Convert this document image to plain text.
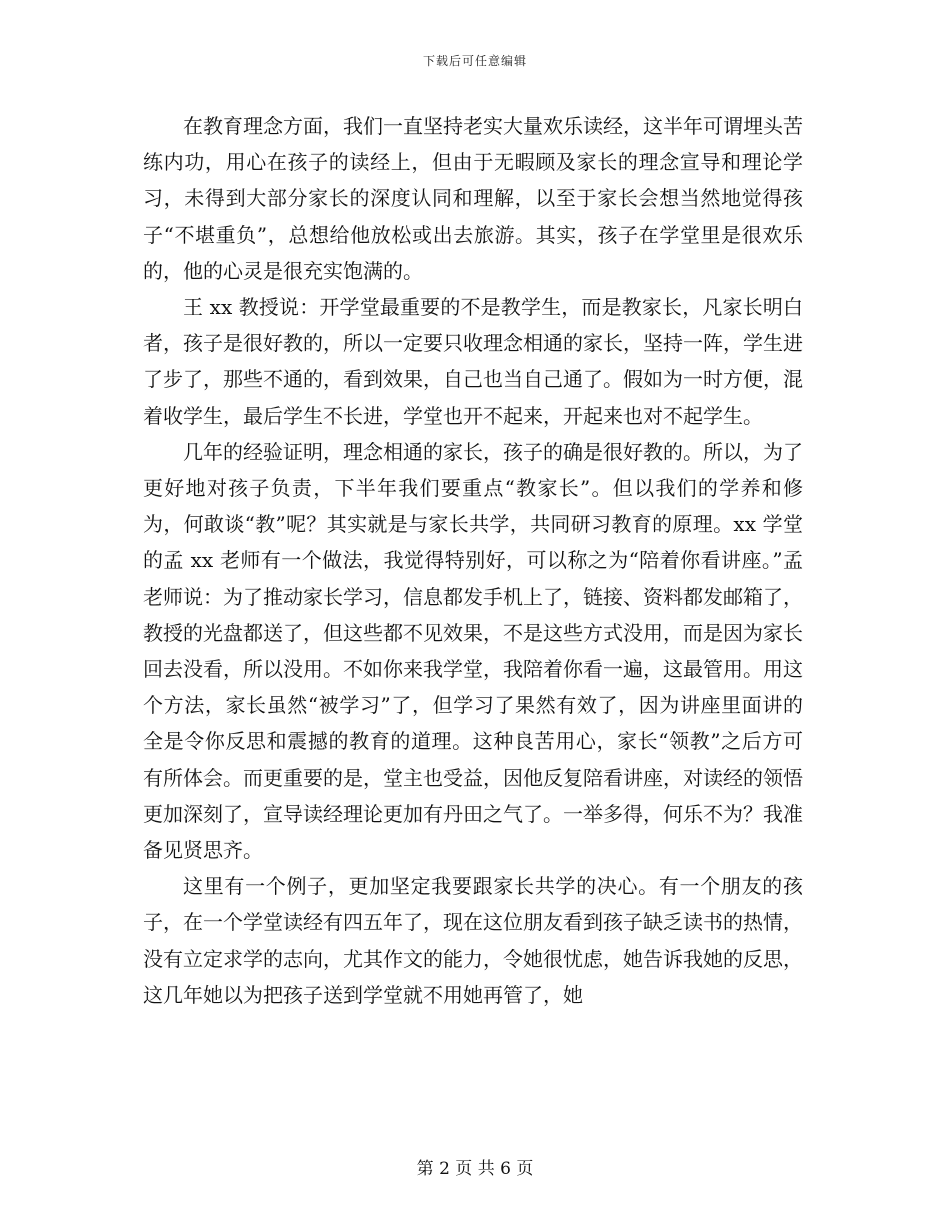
下载后可任意编辑

在教育理念方面，我们一直坚持老实大量欢乐读经，这半年可谓埋头苦练内功，用心在孩子的读经上，但由于无暇顾及家长的理念宣导和理论学习，未得到大部分家长的深度认同和理解，以至于家长会想当然地觉得孩子“不堪重负”，总想给他放松或出去旅游。其实，孩子在学堂里是很欢乐的，他的心灵是很充实饱满的。

王 xx 教授说：开学堂最重要的不是教学生，而是教家长，凡家长明白者，孩子是很好教的，所以一定要只收理念相通的家长，坚持一阵，学生进了步了，那些不通的，看到效果，自己也当自己通了。假如为一时方便，混着收学生，最后学生不长进，学堂也开不起来，开起来也对不起学生。

几年的经验证明，理念相通的家长，孩子的确是很好教的。所以，为了更好地对孩子负责，下半年我们要重点“教家长”。但以我们的学养和修为，何敢谈“教”呢？其实就是与家长共学，共同研习教育的原理。xx 学堂的孟 xx 老师有一个做法，我觉得特别好，可以称之为“陪着你看讲座。”孟老师说：为了推动家长学习，信息都发手机上了，链接、资料都发邮箱了，教授的光盘都送了，但这些都不见效果，不是这些方式没用，而是因为家长回去没看，所以没用。不如你来我学堂，我陪着你看一遍，这最管用。用这个方法，家长虽然“被学习”了，但学习了果然有效了，因为讲座里面讲的全是令你反思和震撼的教育的道理。这种良苦用心，家长“领教”之后方可有所体会。而更重要的是，堂主也受益，因他反复陪看讲座，对读经的领悟更加深刻了，宣导读经理论更加有丹田之气了。一举多得，何乐不为？我准备见贤思齐。

这里有一个例子，更加坚定我要跟家长共学的决心。有一个朋友的孩子，在一个学堂读经有四五年了，现在这位朋友看到孩子缺乏读书的热情，没有立定求学的志向，尤其作文的能力，令她很忧虑，她告诉我她的反思，这几年她以为把孩子送到学堂就不用她再管了，她

第 2 页 共 6 页
